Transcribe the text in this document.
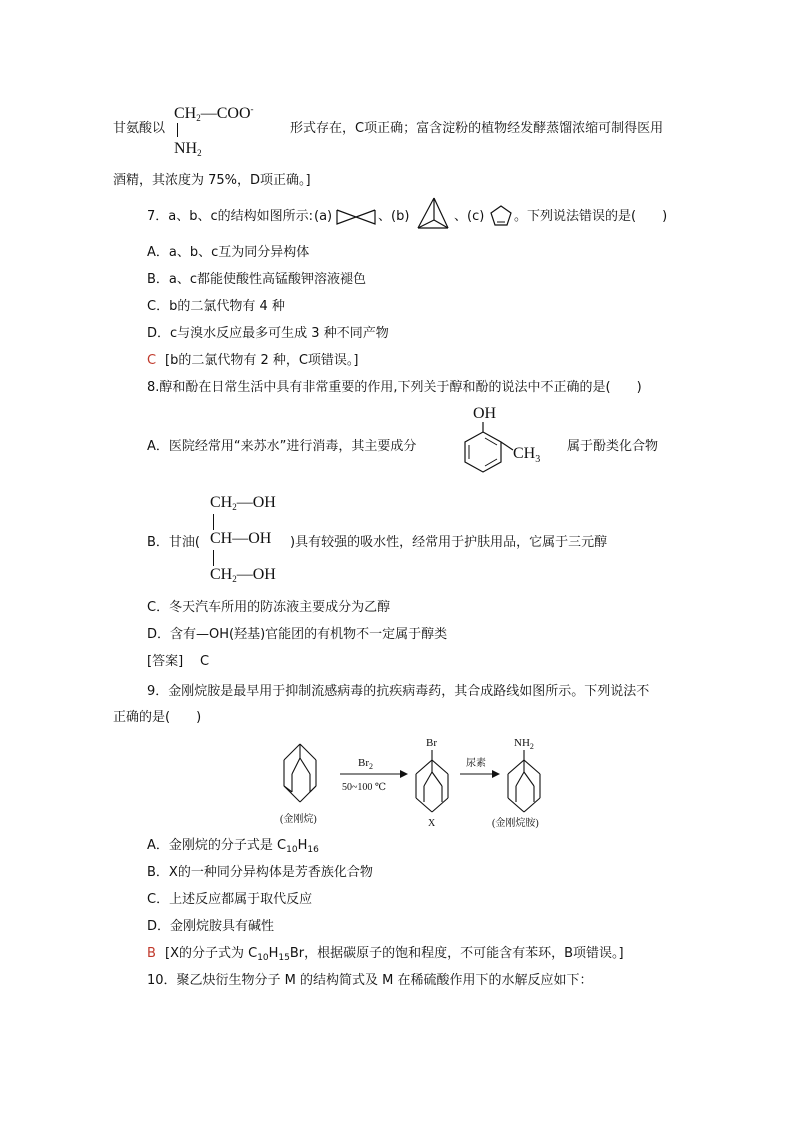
甘氨酸以
$CH_2—COO^-$
$NH_2$
形式存在，C项正确；富含淀粉的植物经发酵蒸馏浓缩可制得医用
酒精，其浓度为 75%，D项正确。]
7．a、b、c的结构如图所示: (a)	、 (b)	、 (c) 。下列说法错误的是(　　)
A．a、b、c互为同分异构体
B．a、c都能使酸性高锰酸钾溶液褪色
C．b的二氯代物有 4 种
D．c与溴水反应最多可生成 3 种不同产物
C [b的二氯代物有 2 种，C项错误。]
8.醇和酚在日常生活中具有非常重要的作用,下列关于醇和酚的说法中不正确的是(　　)
OH
$CH_3$
A．医院经常用“来苏水”进行消毒，其主要成分	属于酚类化合物
$CH_2—OH$
CH—OH
$CH_2—OH$
B．甘油(	)具有较强的吸水性，经常用于护肤用品，它属于三元醇
C．冬天汽车所用的防冻液主要成分为乙醇
D．含有—OH(羟基)官能团的有机物不一定属于醇类
[答案] C
9．金刚烷胺是最早用于抑制流感病毒的抗疾病毒药，其合成路线如图所示。下列说法不
正确的是(　　)
(金刚烷)
$Br_2$
50~100 ℃
Br
X
尿素
$NH_2$
(金刚烷胺)
A．金刚烷的分子式是 $C_{10}H_{16}$
B．X的一种同分异构体是芳香族化合物
C．上述反应都属于取代反应
D．金刚烷胺具有碱性
B [X的分子式为 $C_{10}H_{15}Br$，根据碳原子的饱和程度，不可能含有苯环，B项错误。]
10．聚乙炔衍生物分子 M 的结构简式及 M 在稀硫酸作用下的水解反应如下：
